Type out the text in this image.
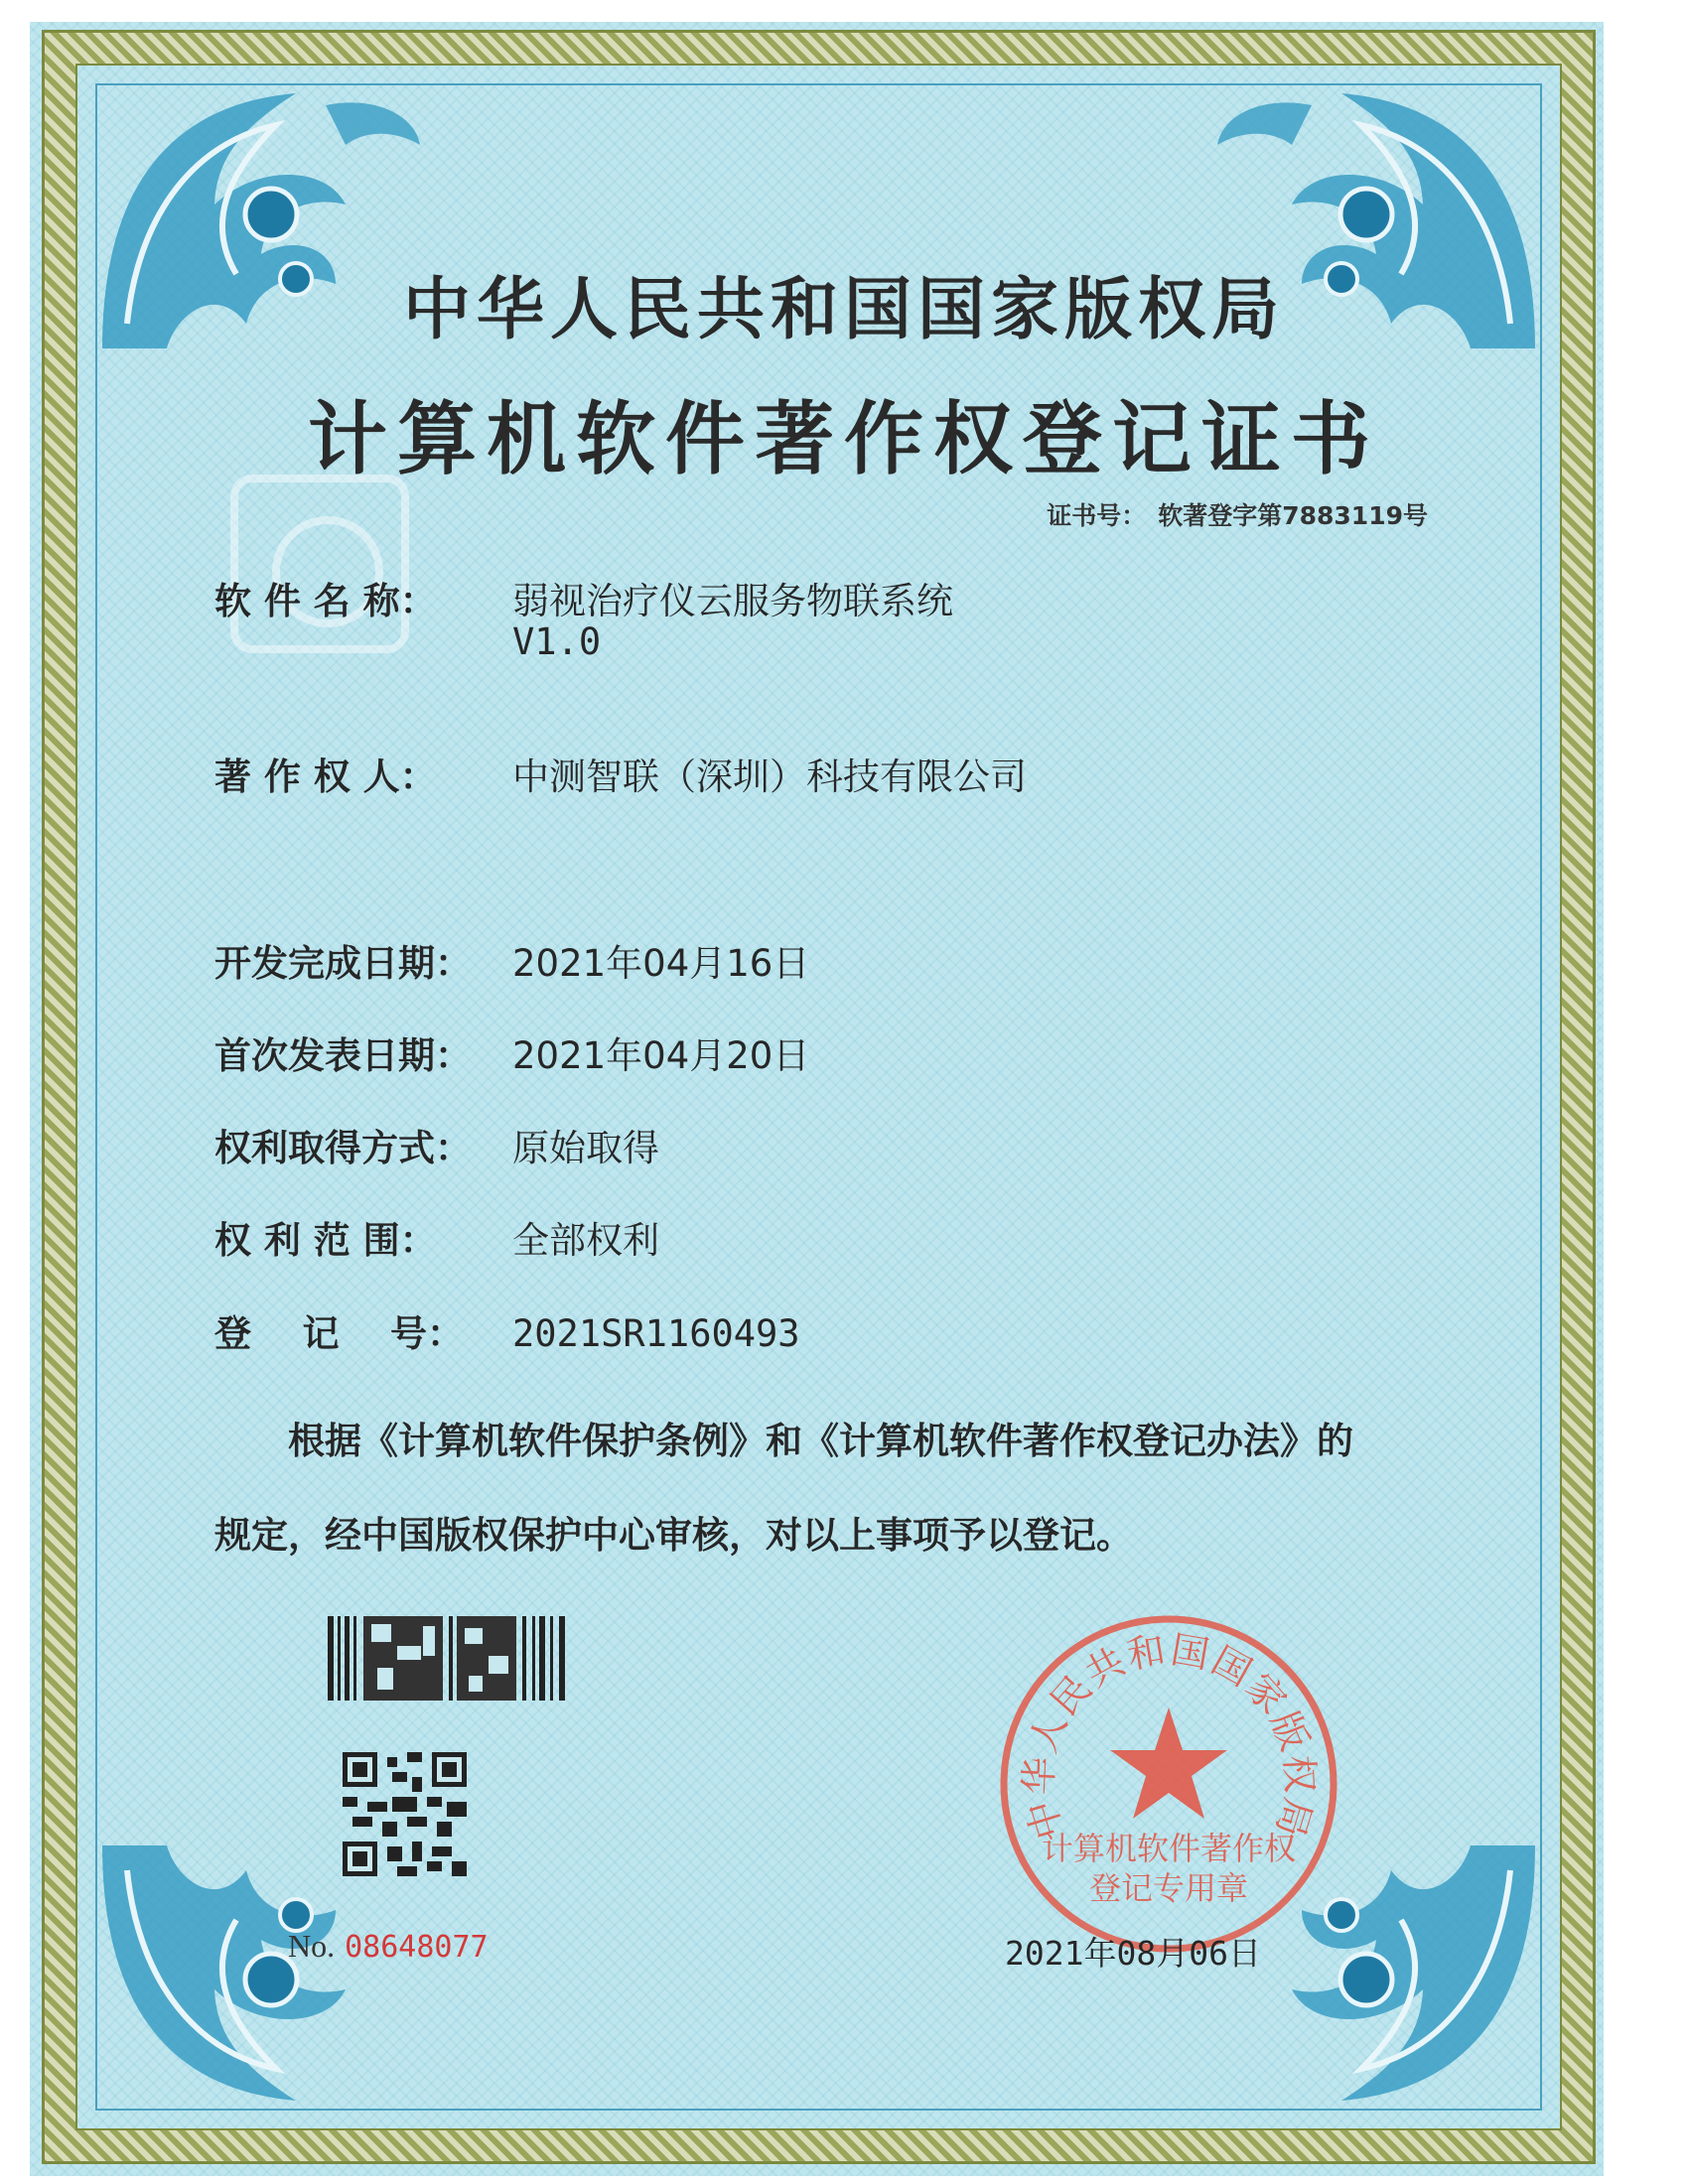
中华人民共和国国家版权局
计算机软件著作权登记证书
证书号： 软著登字第7883119号
软 件 名 称： 弱视治疗仪云服务物联系统
V1.0
著 作 权 人： 中测智联（深圳）科技有限公司
开发完成日期： 2021年04月16日
首次发表日期： 2021年04月20日
权利取得方式： 原始取得
权 利 范 围： 全部权利
登    记    号： 2021SR1160493
根据《计算机软件保护条例》和《计算机软件著作权登记办法》的
规定，经中国版权保护中心审核，对以上事项予以登记。
No. 08648077
中华人民共和国国家版权局
计算机软件著作权
登记专用章
2021年08月06日
